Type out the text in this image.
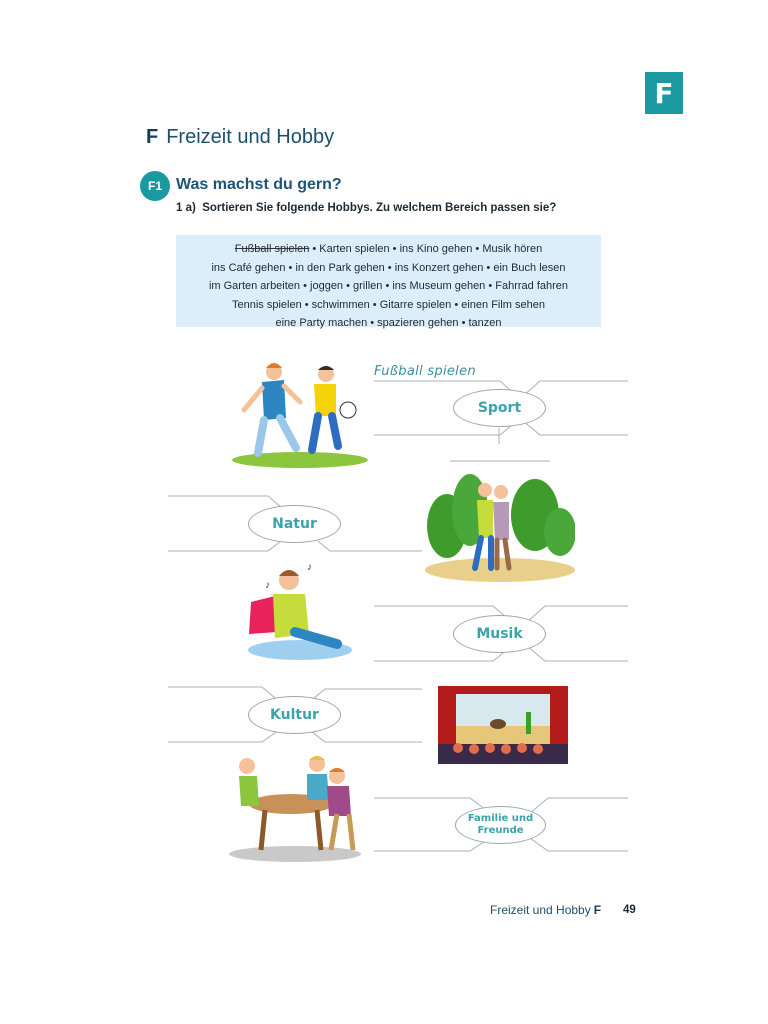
F
F Freizeit und Hobby
F1 Was machst du gern?
1 a) Sortieren Sie folgende Hobbys. Zu welchem Bereich passen sie?
Fußball spielen • Karten spielen • ins Kino gehen • Musik hören
ins Café gehen • in den Park gehen • ins Konzert gehen • ein Buch lesen
im Garten arbeiten • joggen • grillen • ins Museum gehen • Fahrrad fahren
Tennis spielen • schwimmen • Gitarre spielen • einen Film sehen
eine Party machen • spazieren gehen • tanzen
Fußball spielen
Sport
Natur
Musik
Kultur
Familie und Freunde
♪
♪
Freizeit und Hobby F 49
